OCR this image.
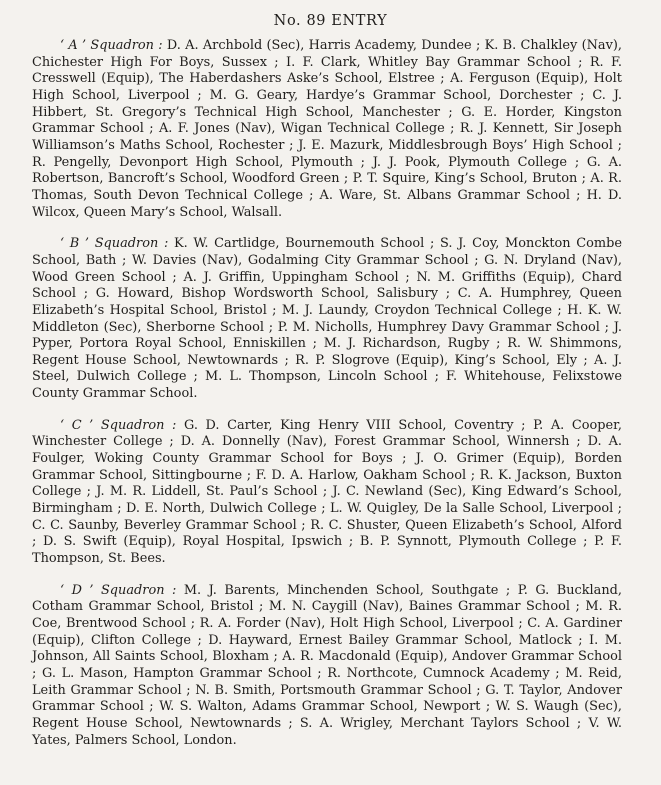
No. 89 ENTRY

‘ A ’ Squadron : D. A. Archbold (Sec), Harris Academy, Dundee ; K. B. Chalkley (Nav), Chichester High For Boys, Sussex ; I. F. Clark, Whitley Bay Grammar School ; R. F. Cresswell (Equip), The Haberdashers Aske’s School, Elstree ; A. Ferguson (Equip), Holt High School, Liverpool ; M. G. Geary, Hardye’s Grammar School, Dorchester ; C. J. Hibbert, St. Gregory’s Technical High School, Manchester ; G. E. Horder, Kingston Grammar School ; A. F. Jones (Nav), Wigan Technical College ; R. J. Kennett, Sir Joseph Williamson’s Maths School, Rochester ; J. E. Mazurk, Middlesbrough Boys’ High School ; R. Pengelly, Devonport High School, Plymouth ; J. J. Pook, Plymouth College ; G. A. Robertson, Bancroft’s School, Woodford Green ; P. T. Squire, King’s School, Bruton ; A. R. Thomas, South Devon Technical College ; A. Ware, St. Albans Grammar School ; H. D. Wilcox, Queen Mary’s School, Walsall.

‘ B ’ Squadron : K. W. Cartlidge, Bournemouth School ; S. J. Coy, Monckton Combe School, Bath ; W. Davies (Nav), Godalming City Grammar School ; G. N. Dryland (Nav), Wood Green School ; A. J. Griffin, Uppingham School ; N. M. Griffiths (Equip), Chard School ; G. Howard, Bishop Wordsworth School, Salisbury ; C. A. Humphrey, Queen Elizabeth’s Hospital School, Bristol ; M. J. Laundy, Croydon Technical College ; H. K. W. Middleton (Sec), Sherborne School ; P. M. Nicholls, Humphrey Davy Grammar School ; J. Pyper, Portora Royal School, Enniskillen ; M. J. Richardson, Rugby ; R. W. Shimmons, Regent House School, Newtownards ; R. P. Slogrove (Equip), King’s School, Ely ; A. J. Steel, Dulwich College ; M. L. Thompson, Lincoln School ; F. Whitehouse, Felixstowe County Grammar School.

‘ C ’ Squadron : G. D. Carter, King Henry VIII School, Coventry ; P. A. Cooper, Winchester College ; D. A. Donnelly (Nav), Forest Grammar School, Winnersh ; D. A. Foulger, Woking County Grammar School for Boys ; J. O. Grimer (Equip), Borden Grammar School, Sittingbourne ; F. D. A. Harlow, Oakham School ; R. K. Jackson, Buxton College ; J. M. R. Liddell, St. Paul’s School ; J. C. Newland (Sec), King Edward’s School, Birmingham ; D. E. North, Dulwich College ; L. W. Quigley, De la Salle School, Liverpool ; C. C. Saunby, Beverley Grammar School ; R. C. Shuster, Queen Elizabeth’s School, Alford ; D. S. Swift (Equip), Royal Hospital, Ipswich ; B. P. Synnott, Plymouth College ; P. F. Thompson, St. Bees.

‘ D ’ Squadron : M. J. Barents, Minchenden School, Southgate ; P. G. Buckland, Cotham Grammar School, Bristol ; M. N. Caygill (Nav), Baines Grammar School ; M. R. Coe, Brentwood School ; R. A. Forder (Nav), Holt High School, Liverpool ; C. A. Gardiner (Equip), Clifton College ; D. Hayward, Ernest Bailey Grammar School, Matlock ; I. M. Johnson, All Saints School, Bloxham ; A. R. Macdonald (Equip), Andover Grammar School ; G. L. Mason, Hampton Grammar School ; R. Northcote, Cumnock Academy ; M. Reid, Leith Grammar School ; N. B. Smith, Portsmouth Grammar School ; G. T. Taylor, Andover Grammar School ; W. S. Walton, Adams Grammar School, Newport ; W. S. Waugh (Sec), Regent House School, Newtownards ; S. A. Wrigley, Merchant Taylors School ; V. W. Yates, Palmers School, London.
